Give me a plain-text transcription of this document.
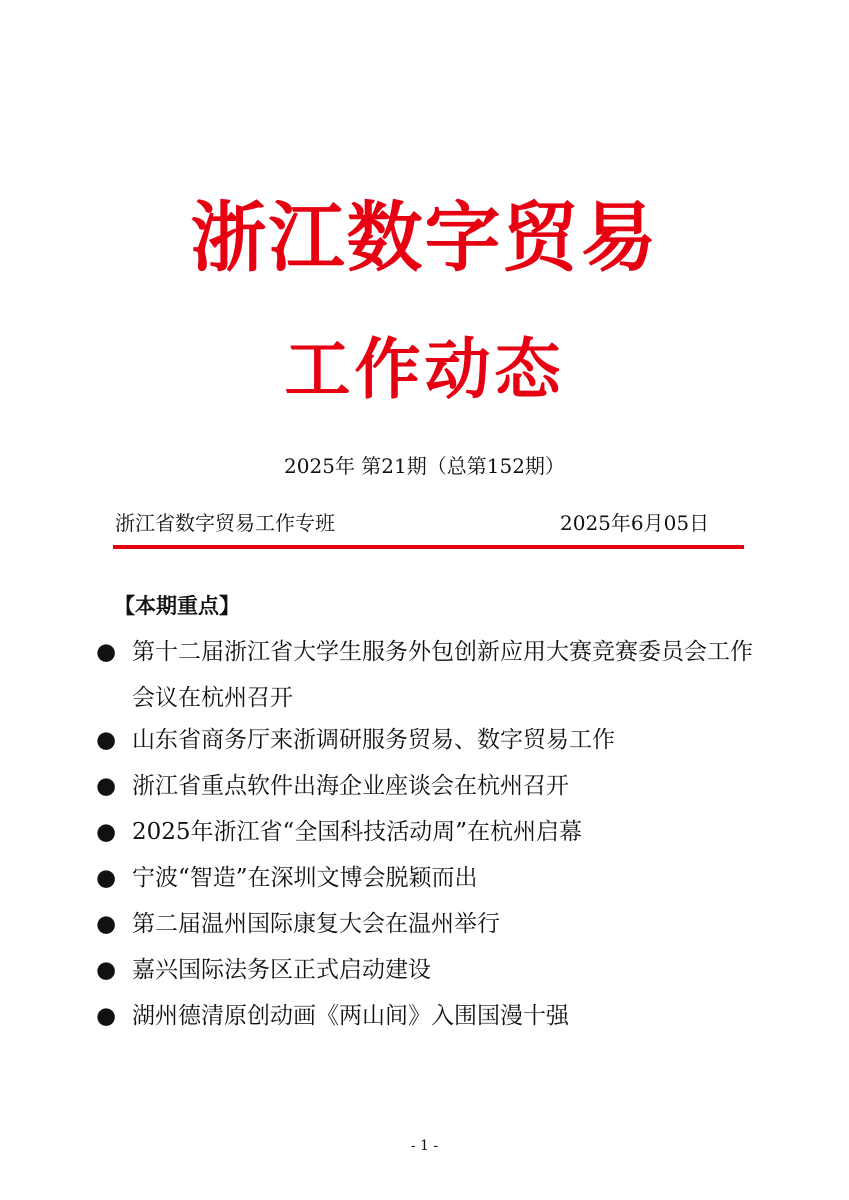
浙江数字贸易
工作动态
2025年 第21期（总第152期）
浙江省数字贸易工作专班	2025年6月05日
【本期重点】
● 第十二届浙江省大学生服务外包创新应用大赛竞赛委员会工作会议在杭州召开
● 山东省商务厅来浙调研服务贸易、数字贸易工作
● 浙江省重点软件出海企业座谈会在杭州召开
● 2025年浙江省“全国科技活动周”在杭州启幕
● 宁波“智造”在深圳文博会脱颖而出
● 第二届温州国际康复大会在温州举行
● 嘉兴国际法务区正式启动建设
● 湖州德清原创动画《两山间》入围国漫十强
- 1 -
